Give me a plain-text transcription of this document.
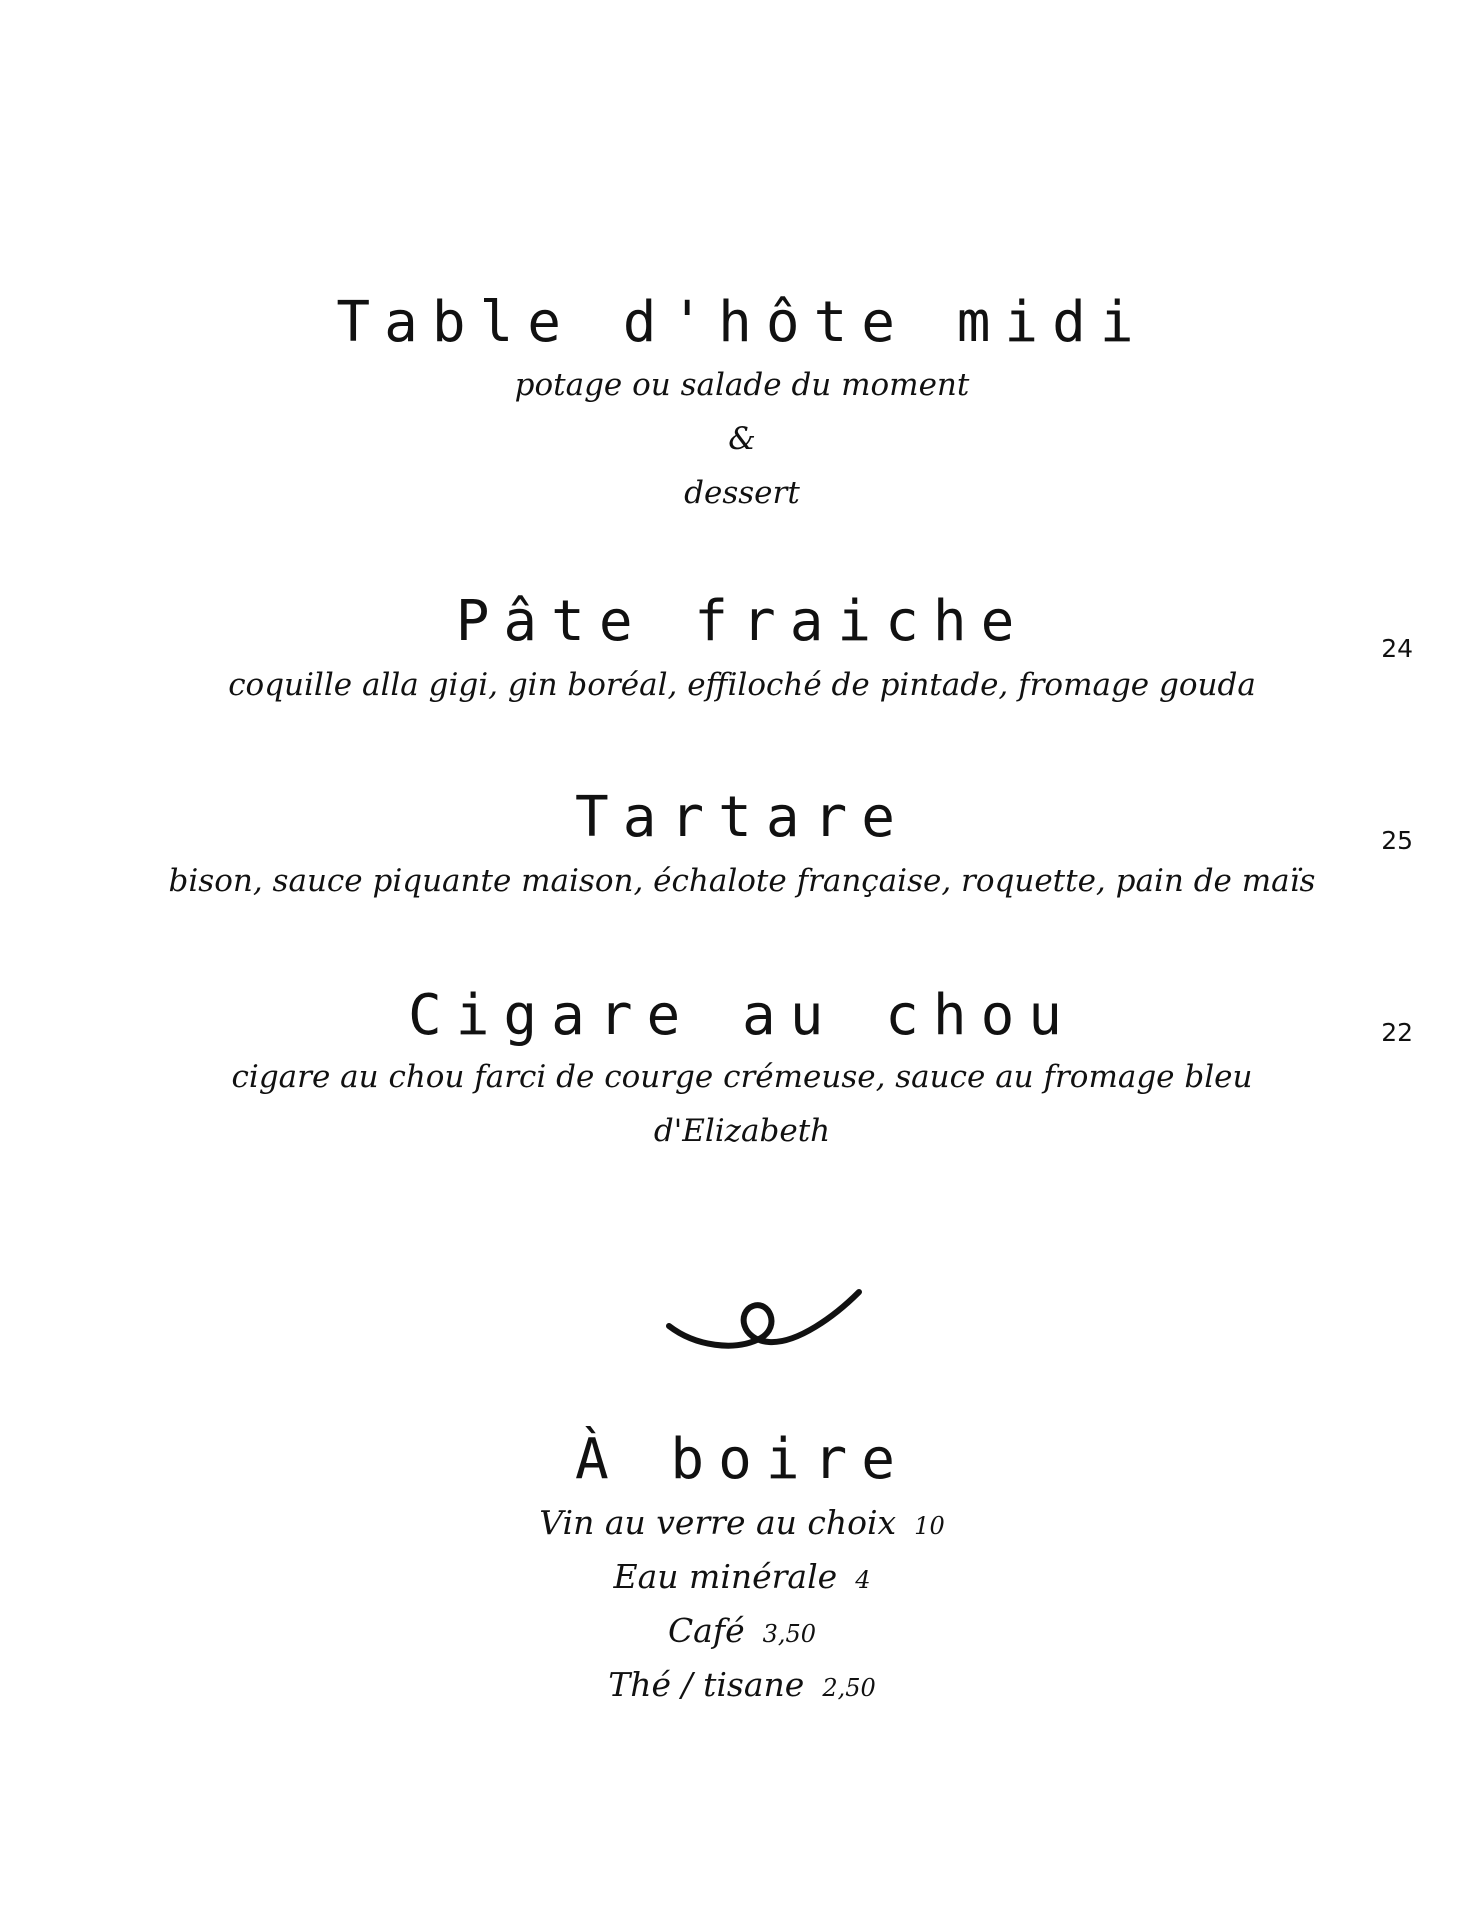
Table d'hôte midi
potage ou salade du moment
&
dessert
Pâte fraiche	24
coquille alla gigi, gin boréal, effiloché de pintade, fromage gouda
Tartare	25
bison, sauce piquante maison, échalote française, roquette, pain de maïs
Cigare au chou	22
cigare au chou farci de courge crémeuse, sauce au fromage bleu
d'Elizabeth
À boire
Vin au verre au choix 10
Eau minérale 4
Café 3,50
Thé / tisane 2,50
